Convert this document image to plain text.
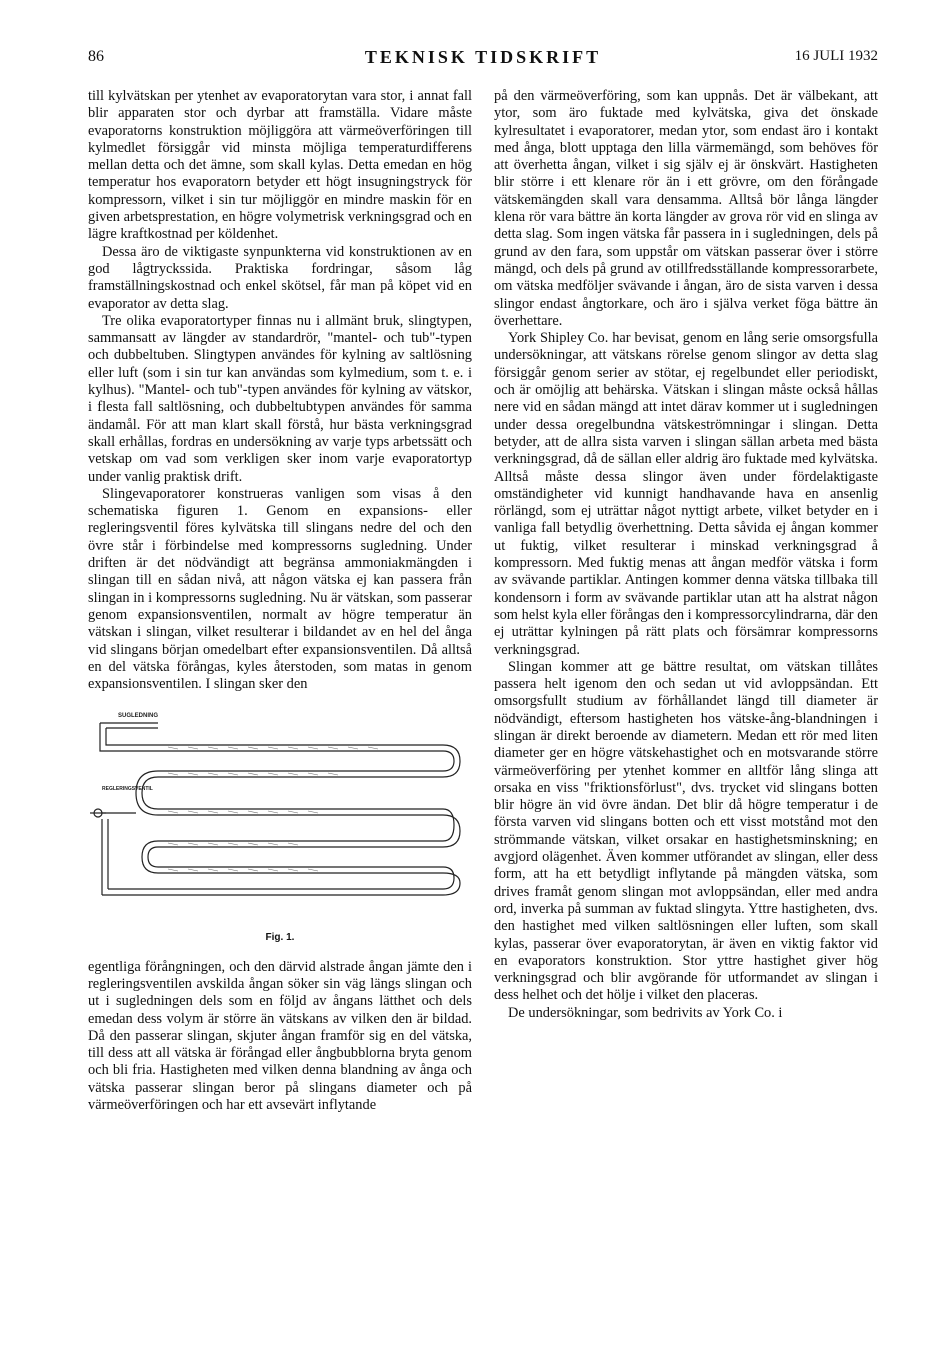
86	TEKNISK TIDSKRIFT	16 JULI 1932

till kylvätskan per ytenhet av evaporatorytan vara stor, i annat fall blir apparaten stor och dyrbar att framställa. Vidare måste evaporatorns konstruktion möjliggöra att värmeöverföringen till kylmedlet försiggår vid minsta möjliga temperaturdifferens mellan detta och det ämne, som skall kylas. Detta emedan en hög temperatur hos evaporatorn betyder ett högt insugningstryck för kompressorn, vilket i sin tur möjliggör en mindre maskin för en given arbetsprestation, en högre volymetrisk verkningsgrad och en lägre kraftkostnad per köldenhet.

Dessa äro de viktigaste synpunkterna vid konstruktionen av en god lågtryckssida. Praktiska fordringar, såsom låg framställningskostnad och enkel skötsel, får man på köpet vid en evaporator av detta slag.

Tre olika evaporatortyper finnas nu i allmänt bruk, slingtypen, sammansatt av längder av standardrör, "mantel- och tub"-typen och dubbeltuben. Slingtypen användes för kylning av saltlösning eller luft (som i sin tur kan användas som kylmedium, som t. e. i kylhus). "Mantel- och tub"-typen användes för kylning av vätskor, i flesta fall saltlösning, och dubbeltubtypen användes för samma ändamål. För att man klart skall förstå, hur bästa verkningsgrad skall erhållas, fordras en undersökning av varje typs arbetssätt och vetskap om vad som verkligen sker inom varje evaporatortyp under vanlig praktisk drift.

Slingevaporatorer konstrueras vanligen som visas å den schematiska figuren 1. Genom en expansions- eller regleringsventil föres kylvätska till slingans nedre del och den övre står i förbindelse med kompressorns sugledning. Under driften är det nödvändigt att begränsa ammoniakmängden i slingan till en sådan nivå, att någon vätska ej kan passera från slingan in i kompressorns sugledning. Nu är vätskan, som passerar genom expansionsventilen, normalt av högre temperatur än vätskan i slingan, vilket resulterar i bildandet av en hel del ånga vid slingans början omedelbart efter expansionsventilen. Då alltså en del vätska förångas, kyles återstoden, som matas in genom expansionsventilen. I slingan sker den

SUGLEDNING
REGLERINGSVENTIL
Fig. 1.

egentliga förångningen, och den därvid alstrade ångan jämte den i regleringsventilen avskilda ångan söker sin väg längs slingan och ut i sugledningen dels som en följd av ångans lätthet och dels emedan dess volym är större än vätskans av vilken den är bildad. Då den passerar slingan, skjuter ångan framför sig en del vätska, till dess att all vätska är förångad eller ångbubblorna bryta genom och bli fria. Hastigheten med vilken denna blandning av ånga och vätska passerar slingan beror på slingans diameter och på värmeöverföringen och har ett avsevärt inflytande

på den värmeöverföring, som kan uppnås. Det är välbekant, att ytor, som äro fuktade med kylvätska, giva det önskade kylresultatet i evaporatorer, medan ytor, som endast äro i kontakt med ånga, blott upptaga den lilla värmemängd, som behöves för att överhetta ångan, vilket i sig själv ej är önskvärt. Hastigheten blir större i ett klenare rör än i ett grövre, om den förångade vätskemängden skall vara densamma. Alltså bör långa längder klena rör vara bättre än korta längder av grova rör vid en slinga av detta slag. Som ingen vätska får passera in i sugledningen, dels på grund av den fara, som uppstår om vätskan passerar över i större mängd, och dels på grund av otillfredsställande kompressorarbete, om vätska medföljer svävande i ångan, äro de sista varven i dessa slingor endast ångtorkare, och äro i själva verket föga bättre än överhettare.

York Shipley Co. har bevisat, genom en lång serie omsorgsfulla undersökningar, att vätskans rörelse genom slingor av detta slag försiggår genom serier av stötar, ej regelbundet eller periodiskt, och är omöjlig att behärska. Vätskan i slingan måste också hållas nere vid en sådan mängd att intet därav kommer ut i sugledningen under dessa oregelbundna vätskeströmningar i slingan. Detta betyder, att de allra sista varven i slingan sällan arbeta med bästa verkningsgrad, då de sällan eller aldrig äro fuktade med kylvätska. Alltså måste dessa slingor även under fördelaktigaste omständigheter vid kunnigt handhavande hava en ansenlig rörlängd, som ej uträttar något nyttigt arbete, vilket betyder en i vanliga fall betydlig överhettning. Detta såvida ej ångan kommer ut fuktig, vilket resulterar i minskad verkningsgrad å kompressorn. Med fuktig menas att ångan medför vätska i form av svävande partiklar. Antingen kommer denna vätska tillbaka till kondensorn i form av svävande partiklar utan att ha alstrat någon som helst kyla eller förångas den i kompressorcylindrarna, där den ej uträttar kylningen på rätt plats och försämrar kompressorns verkningsgrad.

Slingan kommer att ge bättre resultat, om vätskan tillåtes passera helt igenom den och sedan ut vid avloppsändan. Ett omsorgsfullt studium av förhållandet längd till diameter är nödvändigt, eftersom hastigheten hos vätske-ång-blandningen i slingan är direkt beroende av diametern. Medan ett rör med liten diameter ger en högre vätskehastighet och en motsvarande större värmeöverföring per ytenhet kommer en alltför lång slinga att orsaka en viss "friktionsförlust", dvs. trycket vid slingans botten blir högre än vid övre ändan. Det blir då högre temperatur i de första varven vid slingans botten och ett visst motstånd mot den strömmande vätskan, vilket orsakar en hastighetsminskning; en avgjord olägenhet. Även kommer utförandet av slingan, eller dess form, att ha ett betydligt inflytande på mängden vätska, som drives framåt genom slingan mot avloppsändan, eller med andra ord, inverka på summan av fuktad slingyta. Yttre hastigheten, dvs. den hastighet med vilken saltlösningen eller luften, som skall kylas, passerar över evaporatorytan, är även en viktig faktor vid en evaporators konstruktion. Stor yttre hastighet giver hög verkningsgrad och blir avgörande för utformandet av slingan i dess helhet och det hölje i vilket den placeras.

De undersökningar, som bedrivits av York Co. i
